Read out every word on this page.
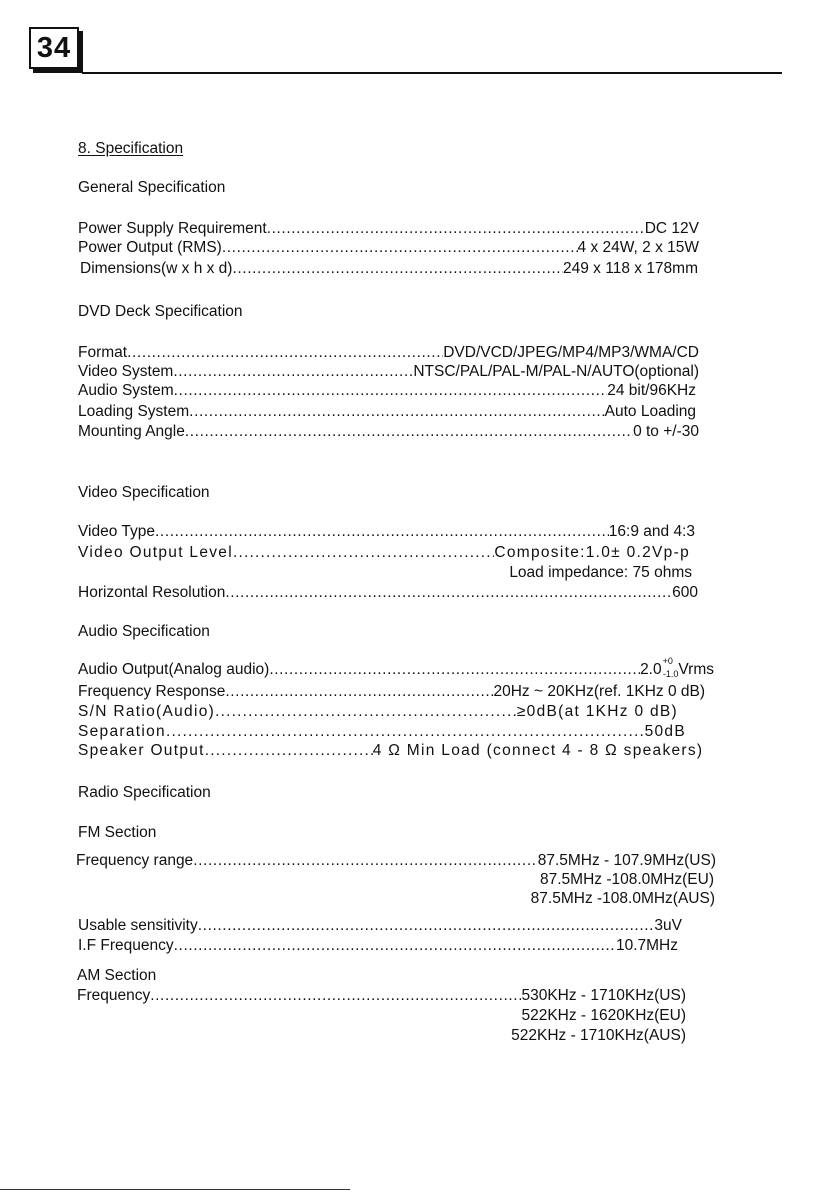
34
8. Specification
General Specification
Power Supply Requirement .....	DC 12V
Power Output (RMS) .....	4 x 24W, 2 x 15W
Dimensions(w x h x d) .....	249 x 118 x 178mm
DVD Deck Specification
Format .....	DVD/VCD/JPEG/MP4/MP3/WMA/CD
Video System .....	NTSC/PAL/PAL-M/PAL-N/AUTO(optional)
Audio System .....	24 bit/96KHz
Loading System .....	Auto Loading
Mounting Angle .....	0 to +/-30
Video Specification
Video Type .....	16:9 and 4:3
Video Output Level .....	Composite:1.0± 0.2Vp-p
Load impedance: 75 ohms
Horizontal Resolution .....	600
Audio Specification
Audio Output(Analog audio) .....	$2.0^{+0}_{-1.0}Vrms$
Frequency Response .....	20Hz ~ 20KHz(ref. 1KHz 0 dB)
S/N Ratio(Audio) .....	≥0dB(at 1KHz 0 dB)
Separation .....	50dB
Speaker Output .....	4 Ω Min Load (connect 4 - 8 Ω speakers)
Radio Specification
FM Section
Frequency range .....	87.5MHz - 107.9MHz(US)
87.5MHz -108.0MHz(EU)
87.5MHz -108.0MHz(AUS)
Usable sensitivity .....	3uV
I.F Frequency .....	10.7MHz
AM Section
Frequency .....	530KHz - 1710KHz(US)
522KHz - 1620KHz(EU)
522KHz - 1710KHz(AUS)
